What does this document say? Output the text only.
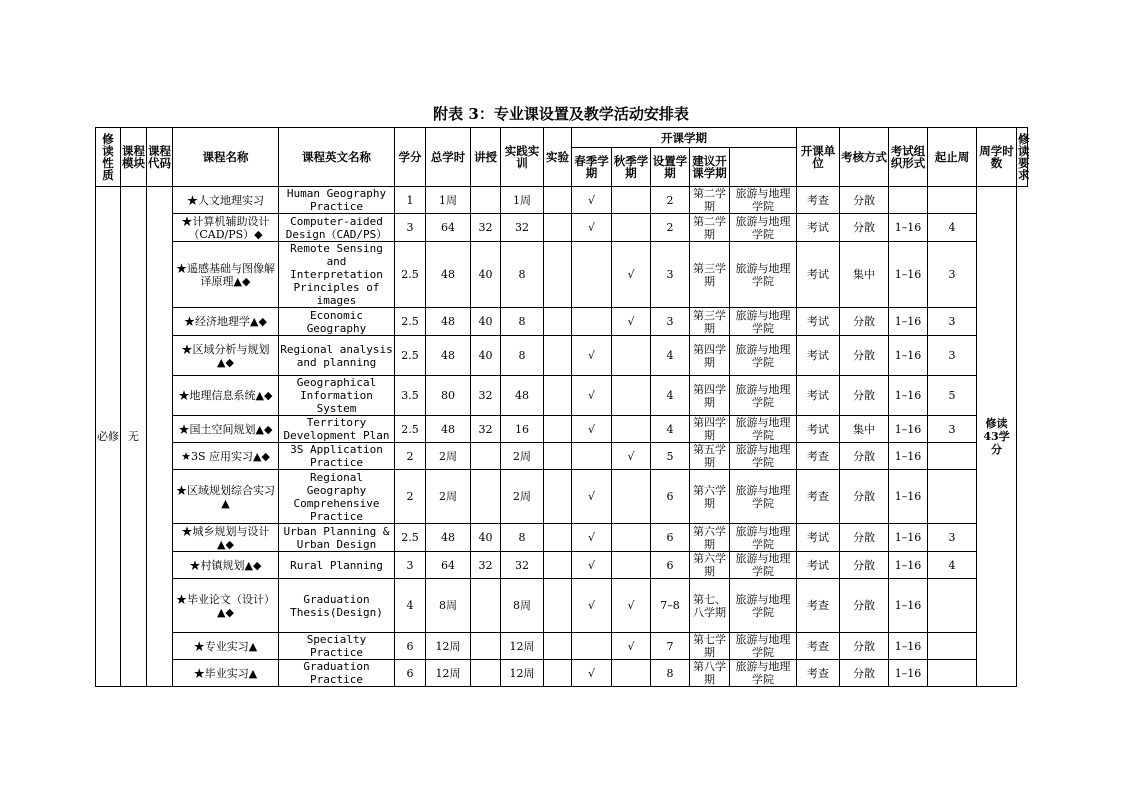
附表 3：专业课设置及教学活动安排表
修读性质	课程模块	课程代码	课程名称	课程英文名称	学分	总学时	讲授	实践实训	实验	开课学期					开课单位	考核方式	考试组织形式	起止周	周学时数	修读要求
										春季学期	秋季学期	设置学期	建议开课学期							
必修	无		★人文地理实习	Human Geography Practice	1	1周		1周		√		2	第二学期	旅游与地理学院	考查	分散			修读43学分	
			★计算机辅助设计（CAD/PS）◆	Computer-aided Design（CAD/PS）	3	64	32	32		√		2	第二学期	旅游与地理学院	考试	分散	1–16	4		
			★遥感基础与图像解译原理▲◆	Remote Sensing and Interpretation Principles of images	2.5	48	40	8			√	3	第三学期	旅游与地理学院	考试	集中	1–16	3		
			★经济地理学▲◆	Economic Geography	2.5	48	40	8			√	3	第三学期	旅游与地理学院	考试	分散	1–16	3		
			★区域分析与规划▲◆	Regional analysis and planning	2.5	48	40	8		√		4	第四学期	旅游与地理学院	考试	分散	1–16	3		
			★地理信息系统▲◆	Geographical Information System	3.5	80	32	48		√		4	第四学期	旅游与地理学院	考试	分散	1–16	5		
			★国土空间规划▲◆	Territory Development Plan	2.5	48	32	16		√		4	第四学期	旅游与地理学院	考试	集中	1–16	3		
			★3S 应用实习▲◆	3S Application Practice	2	2周		2周			√	5	第五学期	旅游与地理学院	考查	分散	1–16			
			★区域规划综合实习▲	Regional Geography Comprehensive Practice	2	2周		2周		√		6	第六学期	旅游与地理学院	考查	分散	1–16			
			★城乡规划与设计▲◆	Urban Planning & Urban Design	2.5	48	40	8		√		6	第六学期	旅游与地理学院	考试	分散	1–16	3		
			★村镇规划▲◆	Rural Planning	3	64	32	32		√		6	第六学期	旅游与地理学院	考试	分散	1–16	4		
			★毕业论文（设计）▲◆	Graduation Thesis(Design)	4	8周		8周		√	√	7–8	第七、八学期	旅游与地理学院	考查	分散	1–16			
			★专业实习▲	Specialty Practice	6	12周		12周			√	7	第七学期	旅游与地理学院	考查	分散	1–16			
			★毕业实习▲	Graduation Practice	6	12周		12周		√		8	第八学期	旅游与地理学院	考查	分散	1–16			
